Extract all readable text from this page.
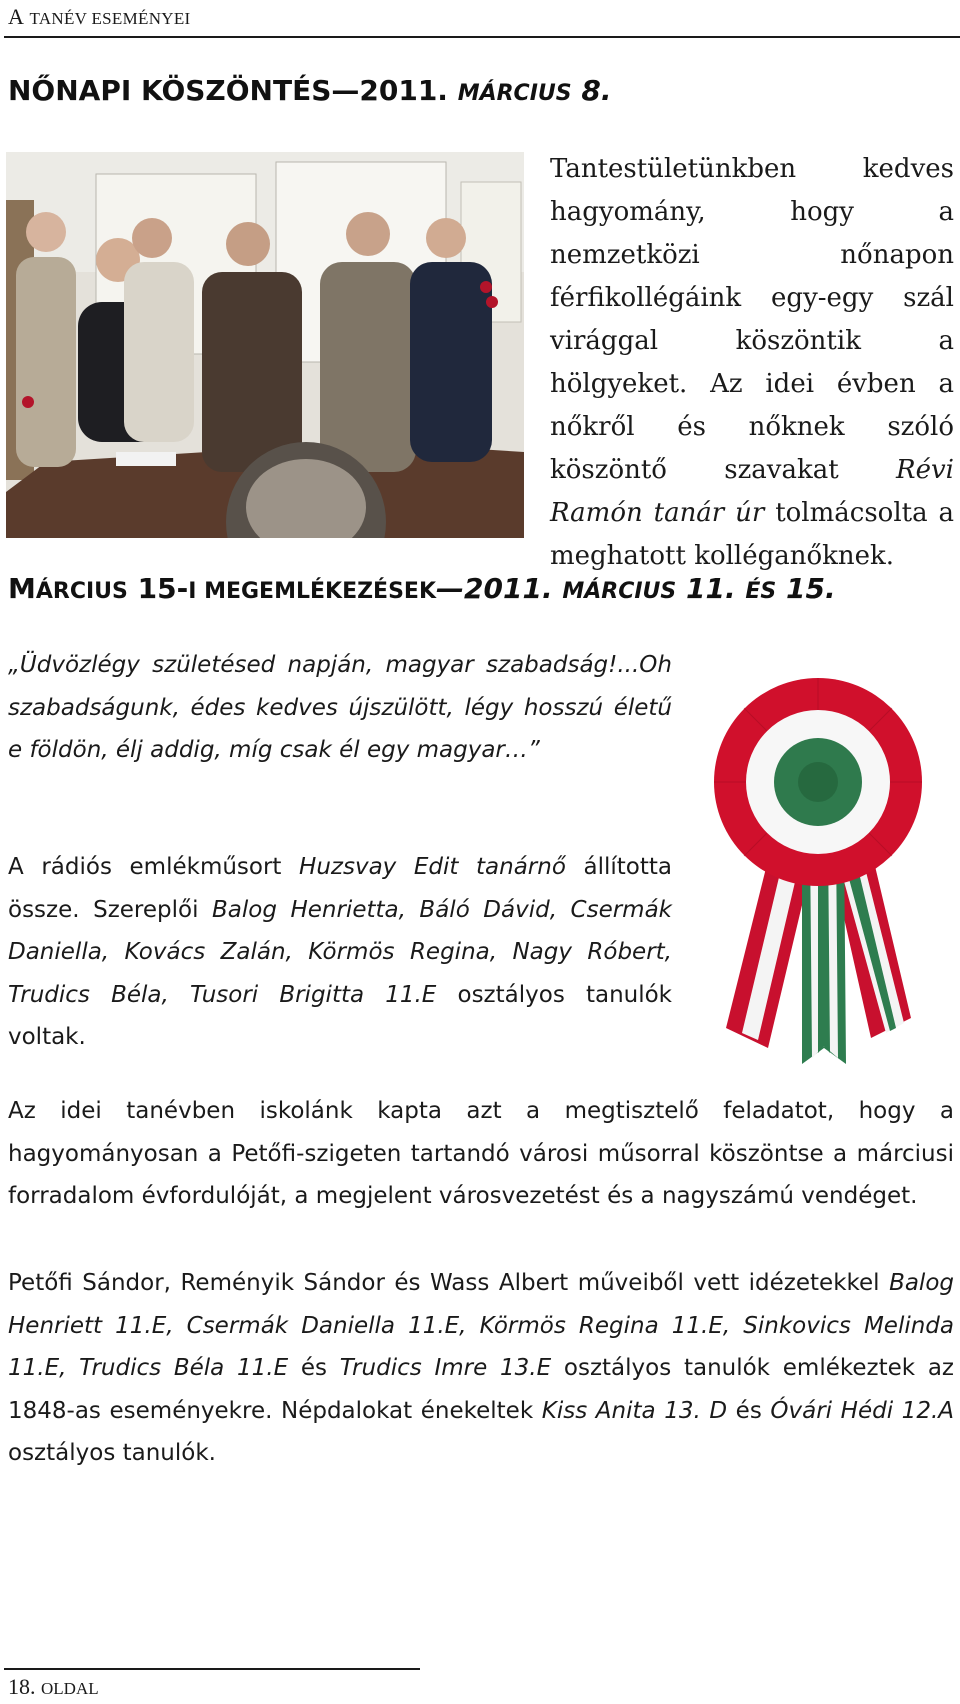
A TANÉV ESEMÉNYEI
NŐNAPI KÖSZÖNTÉS—2011. MÁRCIUS 8.

Tantestületünkben kedves hagyomány, hogy a nemzetközi nőnapon férfikollégáink egy-egy szál virággal köszöntik a hölgyeket. Az idei évben a nőkről és nőknek szóló köszöntő szavakat Révi Ramón tanár úr tolmácsolta a meghatott kolléganőknek.

MÁRCIUS 15-I MEGEMLÉKEZÉSEK—2011. MÁRCIUS 11. ÉS 15.

„Üdvözlégy születésed napján, magyar szabadság!...Oh szabadságunk, édes kedves újszülött, légy hosszú életű e földön, élj addig, míg csak él egy magyar…”

A rádiós emlékműsort Huzsvay Edit tanárnő állította össze. Szereplői Balog Henrietta, Báló Dávid, Csermák Daniella, Kovács Zalán, Körmös Regina, Nagy Róbert, Trudics Béla, Tusori Brigitta 11.E osztályos tanulók voltak.

Az idei tanévben iskolánk kapta azt a megtisztelő feladatot, hogy a hagyományosan a Petőfi-szigeten tartandó városi műsorral köszöntse a márciusi forradalom évfordulóját, a megjelent városvezetést és a nagyszámú vendéget.

Petőfi Sándor, Reményik Sándor és Wass Albert műveiből vett idézetekkel Balog Henriett 11.E, Csermák Daniella 11.E, Körmös Regina 11.E, Sinkovics Melinda 11.E, Trudics Béla 11.E és Trudics Imre 13.E osztályos tanulók emlékeztek az 1848-as eseményekre. Népdalokat énekeltek Kiss Anita 13. D és Óvári Hédi 12.A osztályos tanulók.

18. OLDAL
